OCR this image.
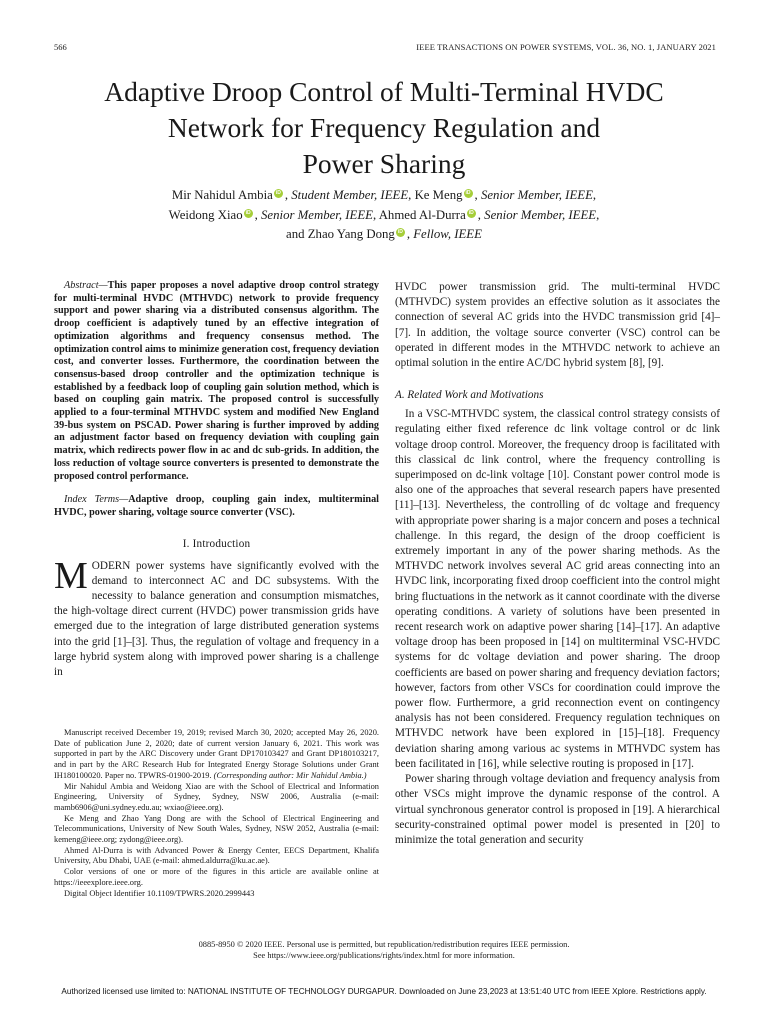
566	IEEE TRANSACTIONS ON POWER SYSTEMS, VOL. 36, NO. 1, JANUARY 2021
Adaptive Droop Control of Multi-Terminal HVDC
Network for Frequency Regulation and
Power Sharing
Mir Nahidul Ambia iD , Student Member, IEEE, Ke Meng iD , Senior Member, IEEE,
Weidong Xiao iD , Senior Member, IEEE, Ahmed Al-Durra iD , Senior Member, IEEE,
and Zhao Yang Dong iD , Fellow, IEEE

Abstract—This paper proposes a novel adaptive droop control strategy for multi-terminal HVDC (MTHVDC) network to provide frequency support and power sharing via a distributed consensus algorithm. The droop coefficient is adaptively tuned by an effective integration of optimization algorithms and frequency consensus method. The optimization control aims to minimize generation cost, frequency deviation cost, and converter losses. Furthermore, the coordination between the consensus-based droop controller and the optimization technique is established by a feedback loop of coupling gain solution method, which is based on coupling gain matrix. The proposed control is successfully applied to a four-terminal MTHVDC system and modified New England 39-bus system on PSCAD. Power sharing is further improved by adding an adjustment factor based on frequency deviation with coupling gain matrix, which redirects power flow in ac and dc sub-grids. In addition, the loss reduction of voltage source converters is presented to demonstrate the proposed control performance.

Index Terms—Adaptive droop, coupling gain index, multiterminal HVDC, power sharing, voltage source converter (VSC).

I. Introduction

MODERN power systems have significantly evolved with the demand to interconnect AC and DC subsystems. With the necessity to balance generation and consumption mismatches, the high-voltage direct current (HVDC) power transmission grids have emerged due to the integration of large distributed generation systems into the grid [1]–[3]. Thus, the regulation of voltage and frequency in a large hybrid system along with improved power sharing is a challenge in

Manuscript received December 19, 2019; revised March 30, 2020; accepted May 26, 2020. Date of publication June 2, 2020; date of current version January 6, 2021. This work was supported in part by the ARC Discovery under Grant DP170103427 and Grant DP180103217, and in part by the ARC Research Hub for Integrated Energy Storage Solutions under Grant IH180100020. Paper no. TPWRS-01900-2019. (Corresponding author: Mir Nahidul Ambia.)

Mir Nahidul Ambia and Weidong Xiao are with the School of Electrical and Information Engineering, University of Sydney, Sydney, NSW 2006, Australia (e-mail: mamb6906@uni.sydney.edu.au; wxiao@ieee.org).

Ke Meng and Zhao Yang Dong are with the School of Electrical Engineering and Telecommunications, University of New South Wales, Sydney, NSW 2052, Australia (e-mail: kemeng@ieee.org; zydong@ieee.org).

Ahmed Al-Durra is with Advanced Power & Energy Center, EECS Department, Khalifa University, Abu Dhabi, UAE (e-mail: ahmed.aldurra@ku.ac.ae).

Color versions of one or more of the figures in this article are available online at https://ieeexplore.ieee.org.

Digital Object Identifier 10.1109/TPWRS.2020.2999443

HVDC power transmission grid. The multi-terminal HVDC (MTHVDC) system provides an effective solution as it associates the connection of several AC grids into the HVDC transmission grid [4]–[7]. In addition, the voltage source converter (VSC) control can be operated in different modes in the MTHVDC network to achieve an optimal solution in the entire AC/DC hybrid system [8], [9].

A. Related Work and Motivations

In a VSC-MTHVDC system, the classical control strategy consists of regulating either fixed reference dc link voltage control or dc link voltage droop control. Moreover, the frequency droop is facilitated with this classical dc link control, where the frequency controlling is superimposed on dc-link voltage [10]. Constant power control mode is also one of the approaches that several research papers have presented [11]–[13]. Nevertheless, the controlling of dc voltage and frequency with appropriate power sharing is a major concern and poses a technical challenge. In this regard, the design of the droop coefficient is extremely important in any of the power sharing methods. As the MTHVDC network involves several AC grid areas connecting into an HVDC link, incorporating fixed droop coefficient into the control might bring fluctuations in the network as it cannot coordinate with the diverse operating conditions. A variety of solutions have been presented in recent research work on adaptive power sharing [14]–[17]. An adaptive voltage droop has been proposed in [14] on multiterminal VSC-HVDC systems for dc voltage deviation and power sharing. The droop coefficients are based on power sharing and frequency deviation factors; however, factors from other VSCs for coordination could improve the power flow. Furthermore, a grid reconnection event on contingency analysis has not been considered. Frequency regulation techniques on MTHVDC network have been explored in [15]–[18]. Frequency deviation sharing among various ac systems in MTHVDC system has been facilitated in [16], while selective routing is proposed in [17].

Power sharing through voltage deviation and frequency analysis from other VSCs might improve the dynamic response of the control. A virtual synchronous generator control is proposed in [19]. A hierarchical security-constrained optimal power model is presented in [20] to minimize the total generation and security

0885-8950 © 2020 IEEE. Personal use is permitted, but republication/redistribution requires IEEE permission.
See https://www.ieee.org/publications/rights/index.html for more information.
Authorized licensed use limited to: NATIONAL INSTITUTE OF TECHNOLOGY DURGAPUR. Downloaded on June 23,2023 at 13:51:40 UTC from IEEE Xplore. Restrictions apply.
